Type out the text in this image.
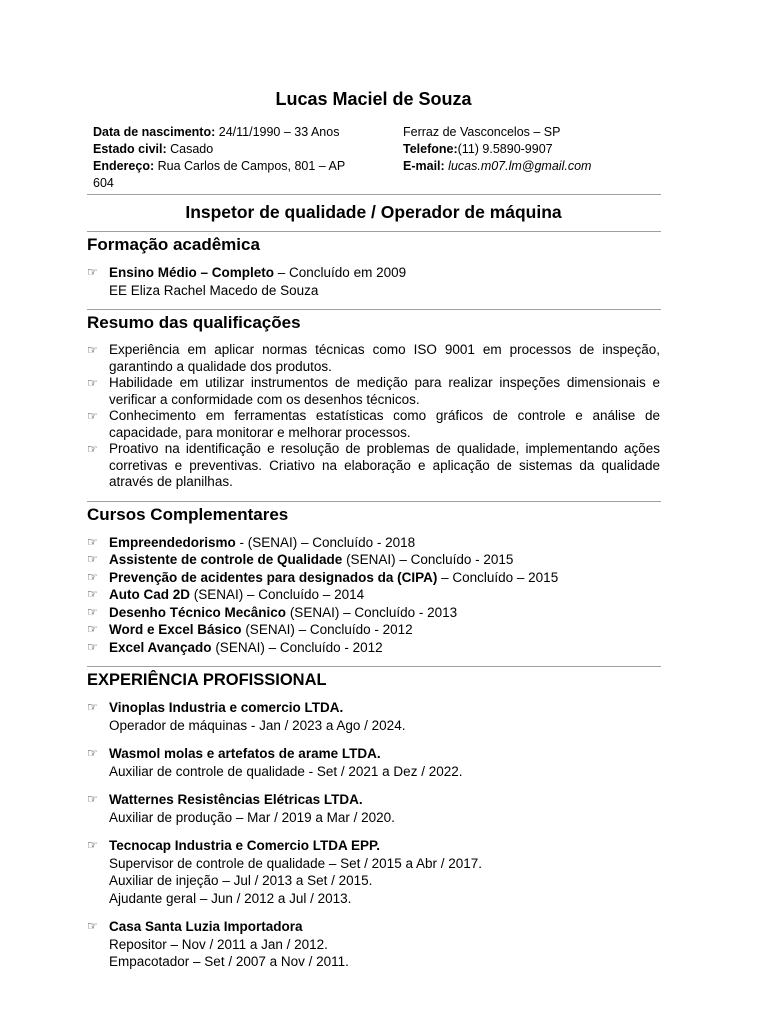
Lucas Maciel de Souza
Data de nascimento: 24/11/1990 – 33 Anos
Estado civil: Casado
Endereço: Rua Carlos de Campos, 801 – AP 604
Ferraz de Vasconcelos – SP
Telefone:(11) 9.5890-9907
E-mail: lucas.m07.lm@gmail.com
Inspetor de qualidade / Operador de máquina
Formação acadêmica
☞ Ensino Médio – Completo – Concluído em 2009
EE Eliza Rachel Macedo de Souza
Resumo das qualificações
☞ Experiência em aplicar normas técnicas como ISO 9001 em processos de inspeção, garantindo a qualidade dos produtos.
☞ Habilidade em utilizar instrumentos de medição para realizar inspeções dimensionais e verificar a conformidade com os desenhos técnicos.
☞ Conhecimento em ferramentas estatísticas como gráficos de controle e análise de capacidade, para monitorar e melhorar processos.
☞ Proativo na identificação e resolução de problemas de qualidade, implementando ações corretivas e preventivas. Criativo na elaboração e aplicação de sistemas da qualidade através de planilhas.
Cursos Complementares
☞ Empreendedorismo - (SENAI) – Concluído - 2018
☞ Assistente de controle de Qualidade (SENAI) – Concluído - 2015
☞ Prevenção de acidentes para designados da (CIPA) – Concluído – 2015
☞ Auto Cad 2D (SENAI) – Concluído – 2014
☞ Desenho Técnico Mecânico (SENAI) – Concluído - 2013
☞ Word e Excel Básico (SENAI) – Concluído - 2012
☞ Excel Avançado (SENAI) – Concluído - 2012
EXPERIÊNCIA PROFISSIONAL
☞ Vinoplas Industria e comercio LTDA.
Operador de máquinas - Jan / 2023 a Ago / 2024.
☞ Wasmol molas e artefatos de arame LTDA.
Auxiliar de controle de qualidade - Set / 2021 a Dez / 2022.
☞ Watternes Resistências Elétricas LTDA.
Auxiliar de produção – Mar / 2019 a Mar / 2020.
☞ Tecnocap Industria e Comercio LTDA EPP.
Supervisor de controle de qualidade – Set / 2015 a Abr / 2017.
Auxiliar de injeção – Jul / 2013 a Set / 2015.
Ajudante geral – Jun / 2012 a Jul / 2013.
☞ Casa Santa Luzia Importadora
Repositor – Nov / 2011 a Jan / 2012.
Empacotador – Set / 2007 a Nov / 2011.
